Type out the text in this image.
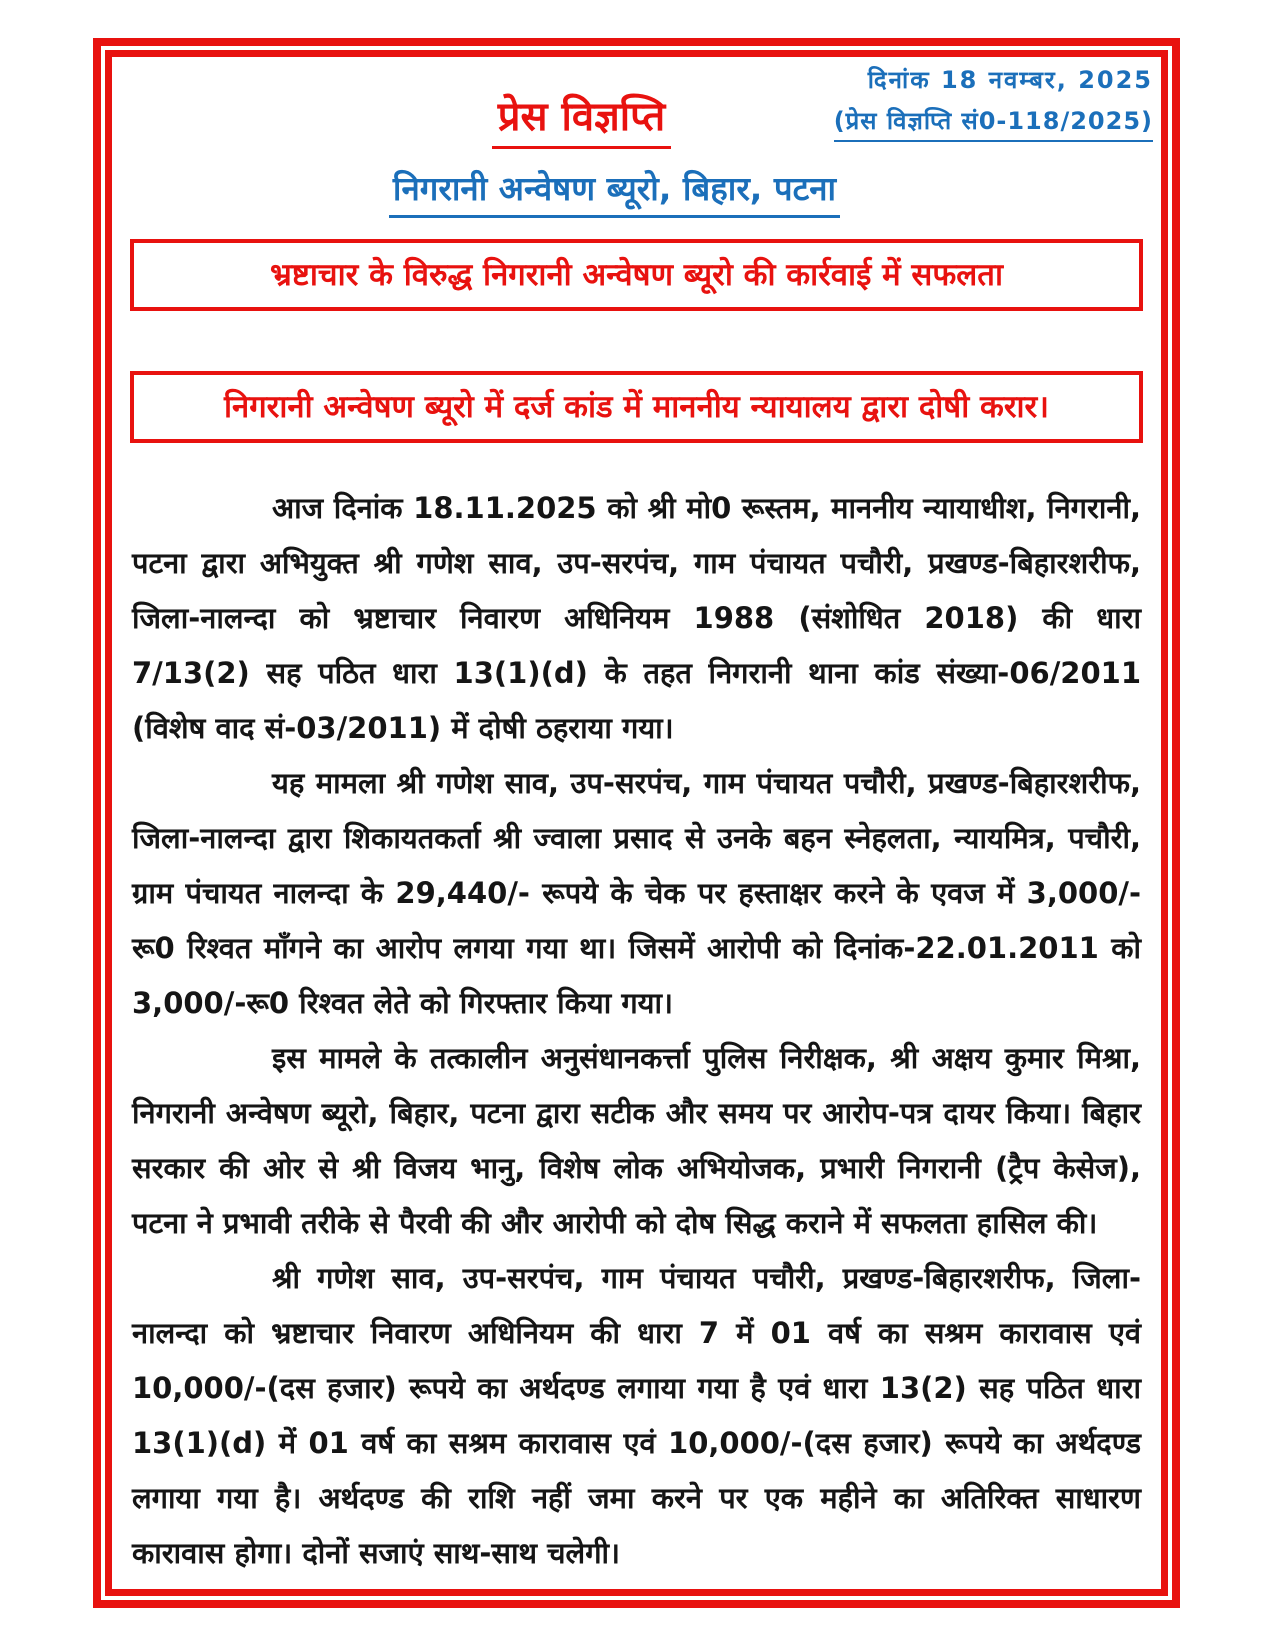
दिनांक 18 नवम्बर, 2025
(प्रेस विज्ञप्ति सं0-118/2025)
प्रेस विज्ञप्ति
निगरानी अन्वेषण ब्यूरो, बिहार, पटना
भ्रष्टाचार के विरुद्ध निगरानी अन्वेषण ब्यूरो की कार्रवाई में सफलता
निगरानी अन्वेषण ब्यूरो में दर्ज कांड में माननीय न्यायालय द्वारा दोषी करार।

आज दिनांक 18.11.2025 को श्री मो0 रूस्तम, माननीय न्यायाधीश, निगरानी, पटना द्वारा अभियुक्त श्री गणेश साव, उप-सरपंच, गाम पंचायत पचौरी, प्रखण्ड-बिहारशरीफ, जिला-नालन्दा को भ्रष्टाचार निवारण अधिनियम 1988 (संशोधित 2018) की धारा 7/13(2) सह पठित धारा 13(1)(d) के तहत निगरानी थाना कांड संख्या-06/2011 (विशेष वाद सं-03/2011) में दोषी ठहराया गया।

यह मामला श्री गणेश साव, उप-सरपंच, गाम पंचायत पचौरी, प्रखण्ड-बिहारशरीफ, जिला-नालन्दा द्वारा शिकायतकर्ता श्री ज्वाला प्रसाद से उनके बहन स्नेहलता, न्यायमित्र, पचौरी, ग्राम पंचायत नालन्दा के 29,440/- रूपये के चेक पर हस्ताक्षर करने के एवज में 3,000/-रू0 रिश्वत माँगने का आरोप लगया गया था। जिसमें आरोपी को दिनांक-22.01.2011 को 3,000/-रू0 रिश्वत लेते को गिरफ्तार किया गया।

इस मामले के तत्कालीन अनुसंधानकर्त्ता पुलिस निरीक्षक, श्री अक्षय कुमार मिश्रा, निगरानी अन्वेषण ब्यूरो, बिहार, पटना द्वारा सटीक और समय पर आरोप-पत्र दायर किया। बिहार सरकार की ओर से श्री विजय भानु, विशेष लोक अभियोजक, प्रभारी निगरानी (ट्रैप केसेज), पटना ने प्रभावी तरीके से पैरवी की और आरोपी को दोष सिद्ध कराने में सफलता हासिल की।

श्री गणेश साव, उप-सरपंच, गाम पंचायत पचौरी, प्रखण्ड-बिहारशरीफ, जिला-नालन्दा को भ्रष्टाचार निवारण अधिनियम की धारा 7 में 01 वर्ष का सश्रम कारावास एवं 10,000/-(दस हजार) रूपये का अर्थदण्ड लगाया गया है एवं धारा 13(2) सह पठित धारा 13(1)(d) में 01 वर्ष का सश्रम कारावास एवं 10,000/-(दस हजार) रूपये का अर्थदण्ड लगाया गया है। अर्थदण्ड की राशि नहीं जमा करने पर एक महीने का अतिरिक्त साधारण कारावास होगा। दोनों सजाएं साथ-साथ चलेगी।
